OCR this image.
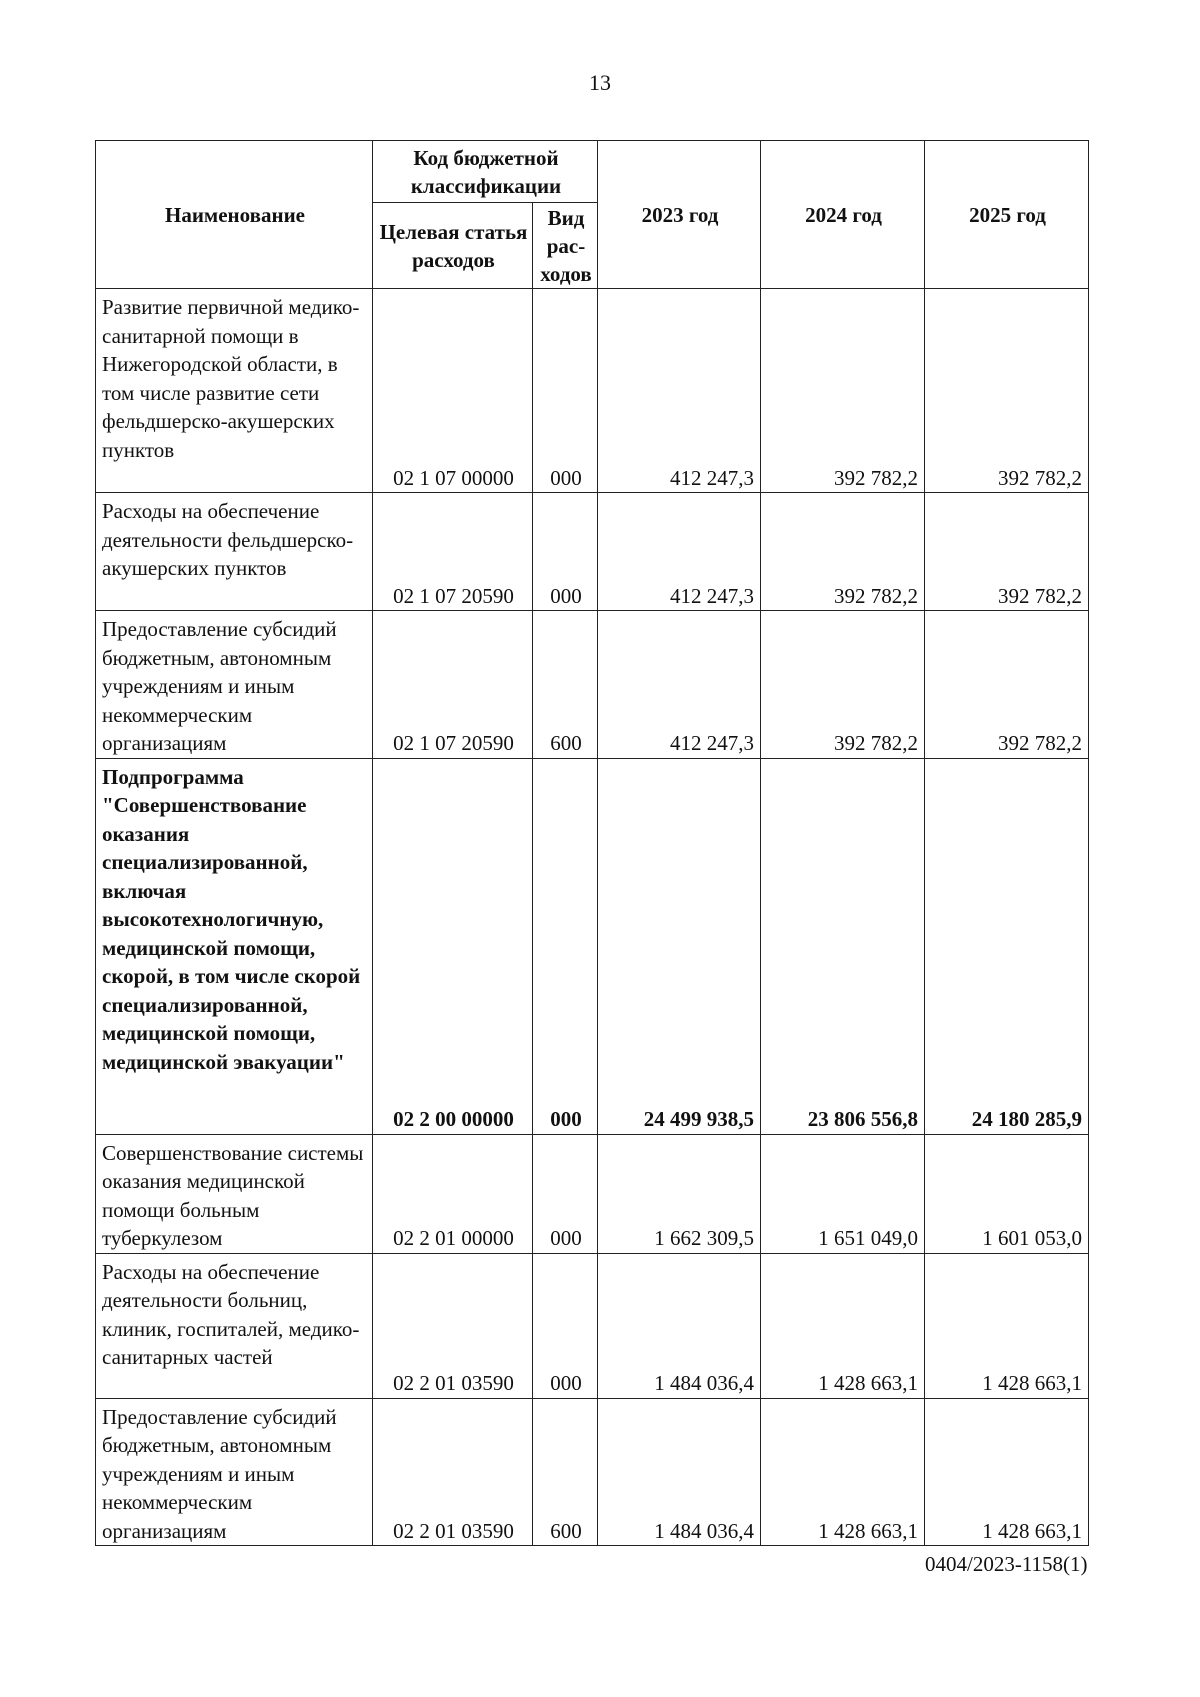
13
Наименование	Код бюджетной классификации		2023 год	2024 год	2025 год
	Целевая статья расходов	Вид рас-ходов			
Развитие первичной медико-санитарной помощи в Нижегородской области, в том числе развитие сети фельдшерско-акушерских пунктов	02 1 07 00000	000	412 247,3	392 782,2	392 782,2
Расходы на обеспечение деятельности фельдшерско-акушерских пунктов	02 1 07 20590	000	412 247,3	392 782,2	392 782,2
Предоставление субсидий бюджетным, автономным учреждениям и иным некоммерческим организациям	02 1 07 20590	600	412 247,3	392 782,2	392 782,2
Подпрограмма "Совершенствование оказания специализированной, включая высокотехнологичную, медицинской помощи, скорой, в том числе скорой специализированной, медицинской помощи, медицинской эвакуации"	02 2 00 00000	000	24 499 938,5	23 806 556,8	24 180 285,9
Совершенствование системы оказания медицинской помощи больным туберкулезом	02 2 01 00000	000	1 662 309,5	1 651 049,0	1 601 053,0
Расходы на обеспечение деятельности больниц, клиник, госпиталей, медико-санитарных частей	02 2 01 03590	000	1 484 036,4	1 428 663,1	1 428 663,1
Предоставление субсидий бюджетным, автономным учреждениям и иным некоммерческим организациям	02 2 01 03590	600	1 484 036,4	1 428 663,1	1 428 663,1
0404/2023-1158(1)
